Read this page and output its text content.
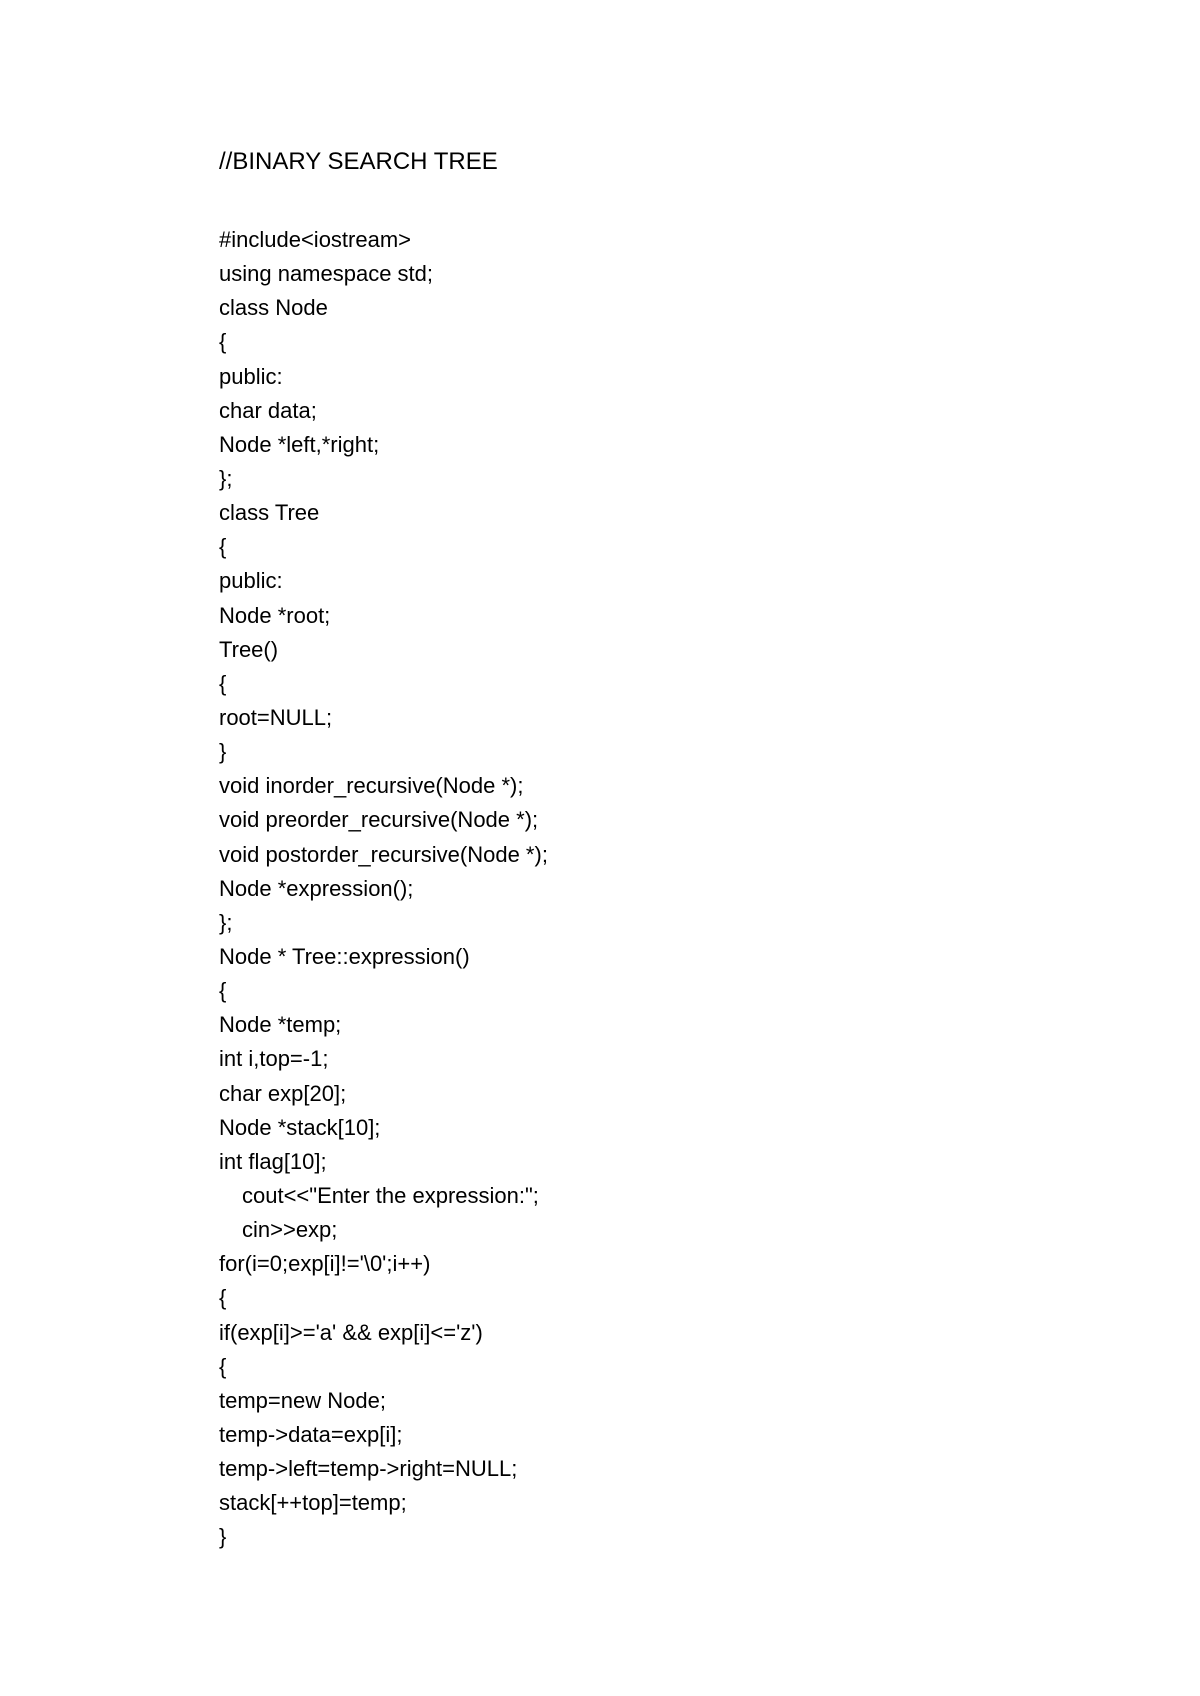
//BINARY SEARCH TREE
#include<iostream>
using namespace std;
class Node
{
public:
char data;
Node *left,*right;
};
class Tree
{
public:
Node *root;
Tree()
{
root=NULL;
}
void inorder_recursive(Node *);
void preorder_recursive(Node *);
void postorder_recursive(Node *);
Node *expression();
};
Node * Tree::expression()
{
Node *temp;
int i,top=-1;
char exp[20];
Node *stack[10];
int flag[10];
cout<<"Enter the expression:";
cin>>exp;
for(i=0;exp[i]!='\0';i++)
{
if(exp[i]>='a' && exp[i]<='z')
{
temp=new Node;
temp->data=exp[i];
temp->left=temp->right=NULL;
stack[++top]=temp;
}
